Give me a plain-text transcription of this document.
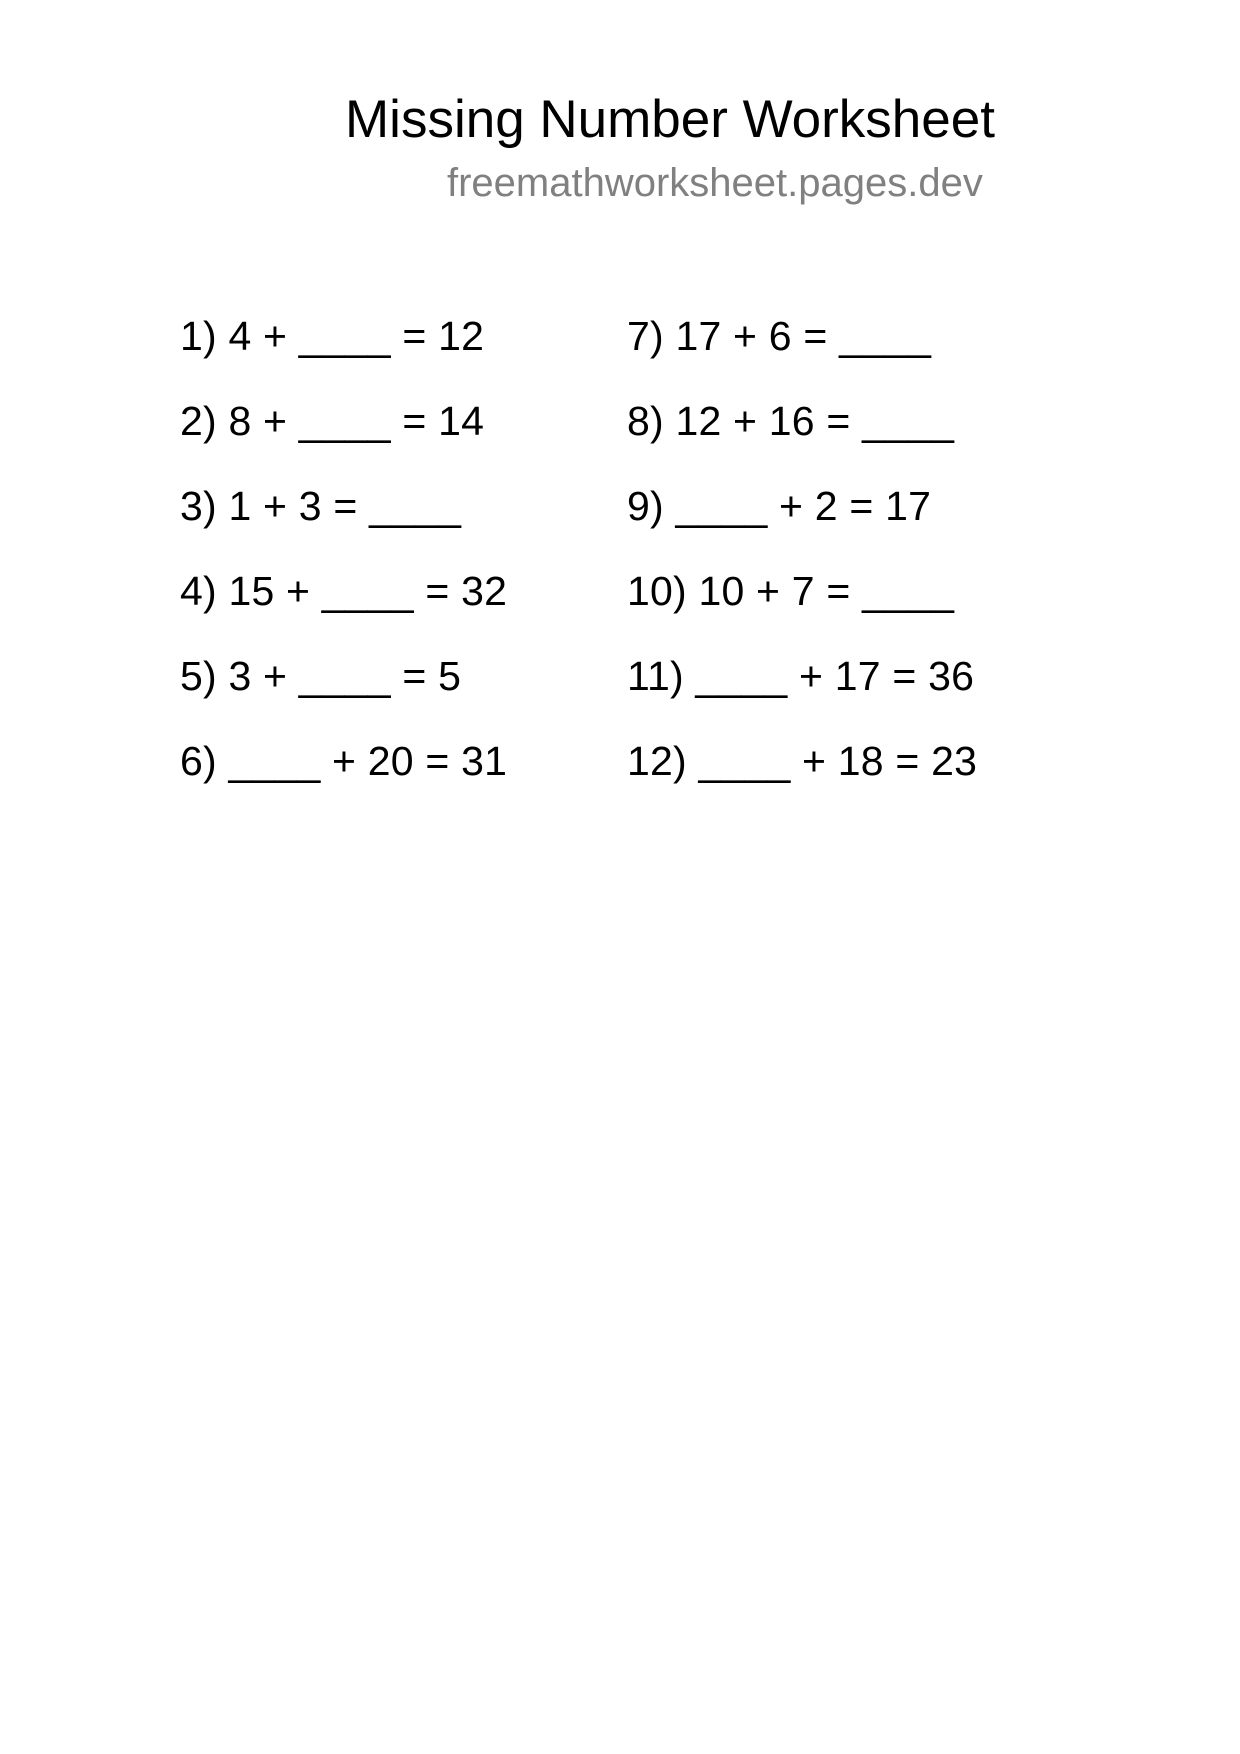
Missing Number Worksheet
freemathworksheet.pages.dev
1) 4 + ____ = 12
2) 8 + ____ = 14
3) 1 + 3 = ____
4) 15 + ____ = 32
5) 3 + ____ = 5
6) ____ + 20 = 31
7) 17 + 6 = ____
8) 12 + 16 = ____
9) ____ + 2 = 17
10) 10 + 7 = ____
11) ____ + 17 = 36
12) ____ + 18 = 23
